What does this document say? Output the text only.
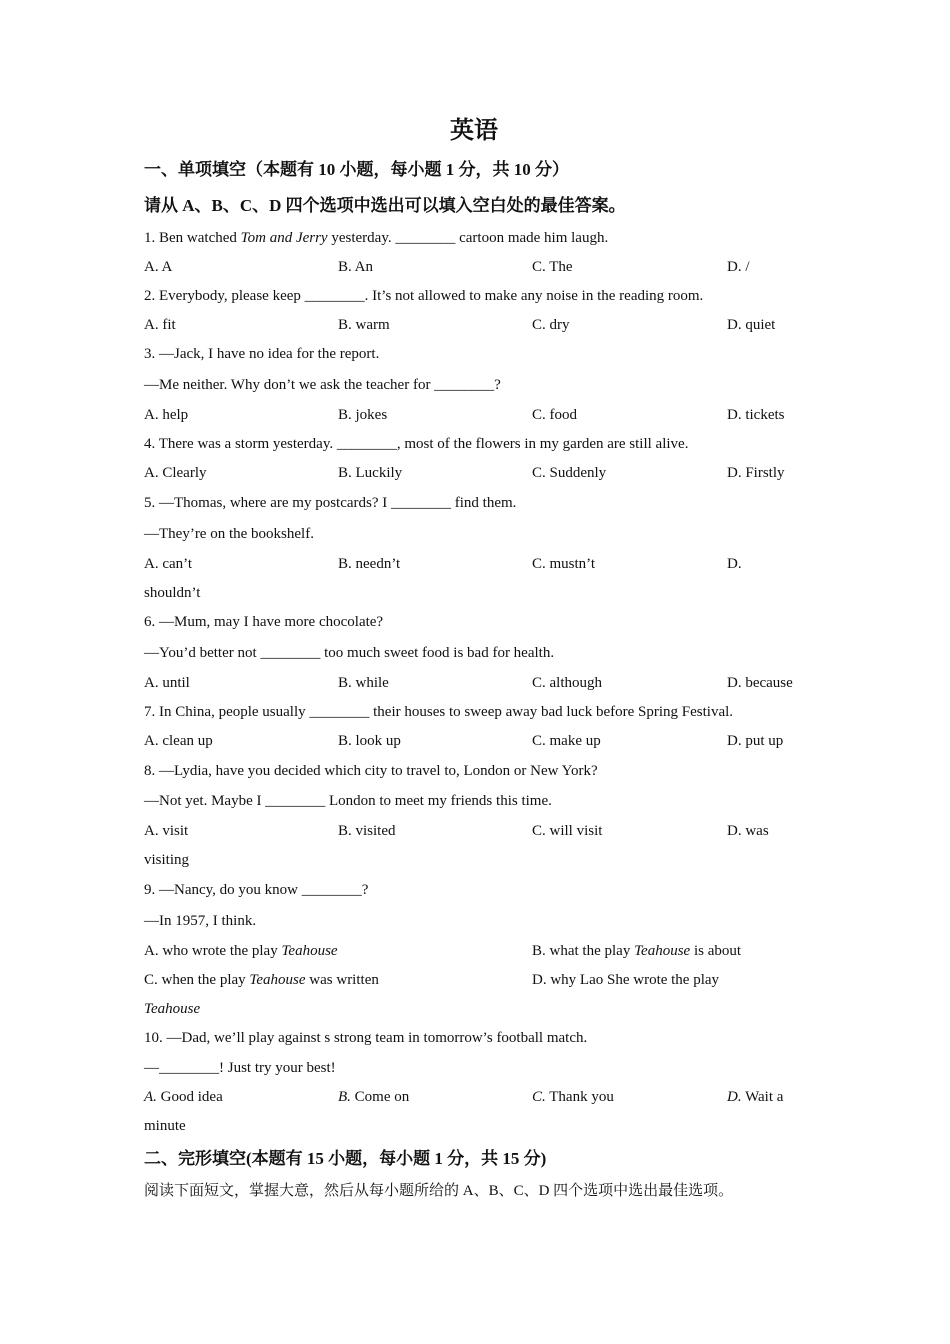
英语
一、单项填空（本题有 10 小题，每小题 1 分，共 10 分）
请从 A、B、C、D 四个选项中选出可以填入空白处的最佳答案。
1. Ben watched Tom and Jerry yesterday. ________ cartoon made him laugh.
A. A	B. An	C. The	D. /
2. Everybody, please keep ________. It’s not allowed to make any noise in the reading room.
A. fit	B. warm	C. dry	D. quiet
3. —Jack, I have no idea for the report.
—Me neither. Why don’t we ask the teacher for ________?
A. help	B. jokes	C. food	D. tickets
4. There was a storm yesterday. ________, most of the flowers in my garden are still alive.
A. Clearly	B. Luckily	C. Suddenly	D. Firstly
5. —Thomas, where are my postcards? I ________ find them.
—They’re on the bookshelf.
A. can’t	B. needn’t	C. mustn’t	D.
shouldn’t
6. —Mum, may I have more chocolate?
—You’d better not ________ too much sweet food is bad for health.
A. until	B. while	C. although	D. because
7. In China, people usually ________ their houses to sweep away bad luck before Spring Festival.
A. clean up	B. look up	C. make up	D. put up
8. —Lydia, have you decided which city to travel to, London or New York?
—Not yet. Maybe I ________ London to meet my friends this time.
A. visit	B. visited	C. will visit	D. was
visiting
9. —Nancy, do you know ________?
—In 1957, I think.
A. who wrote the play Teahouse	B. what the play Teahouse is about
C. when the play Teahouse was written	D. why Lao She wrote the play
Teahouse
10. —Dad, we’ll play against s strong team in tomorrow’s football match.
—________! Just try your best!
A. Good idea	B. Come on	C. Thank you	D. Wait a
minute
二、完形填空(本题有 15 小题，每小题 1 分，共 15 分)
阅读下面短文，掌握大意，然后从每小题所给的 A、B、C、D 四个选项中选出最佳选项。
